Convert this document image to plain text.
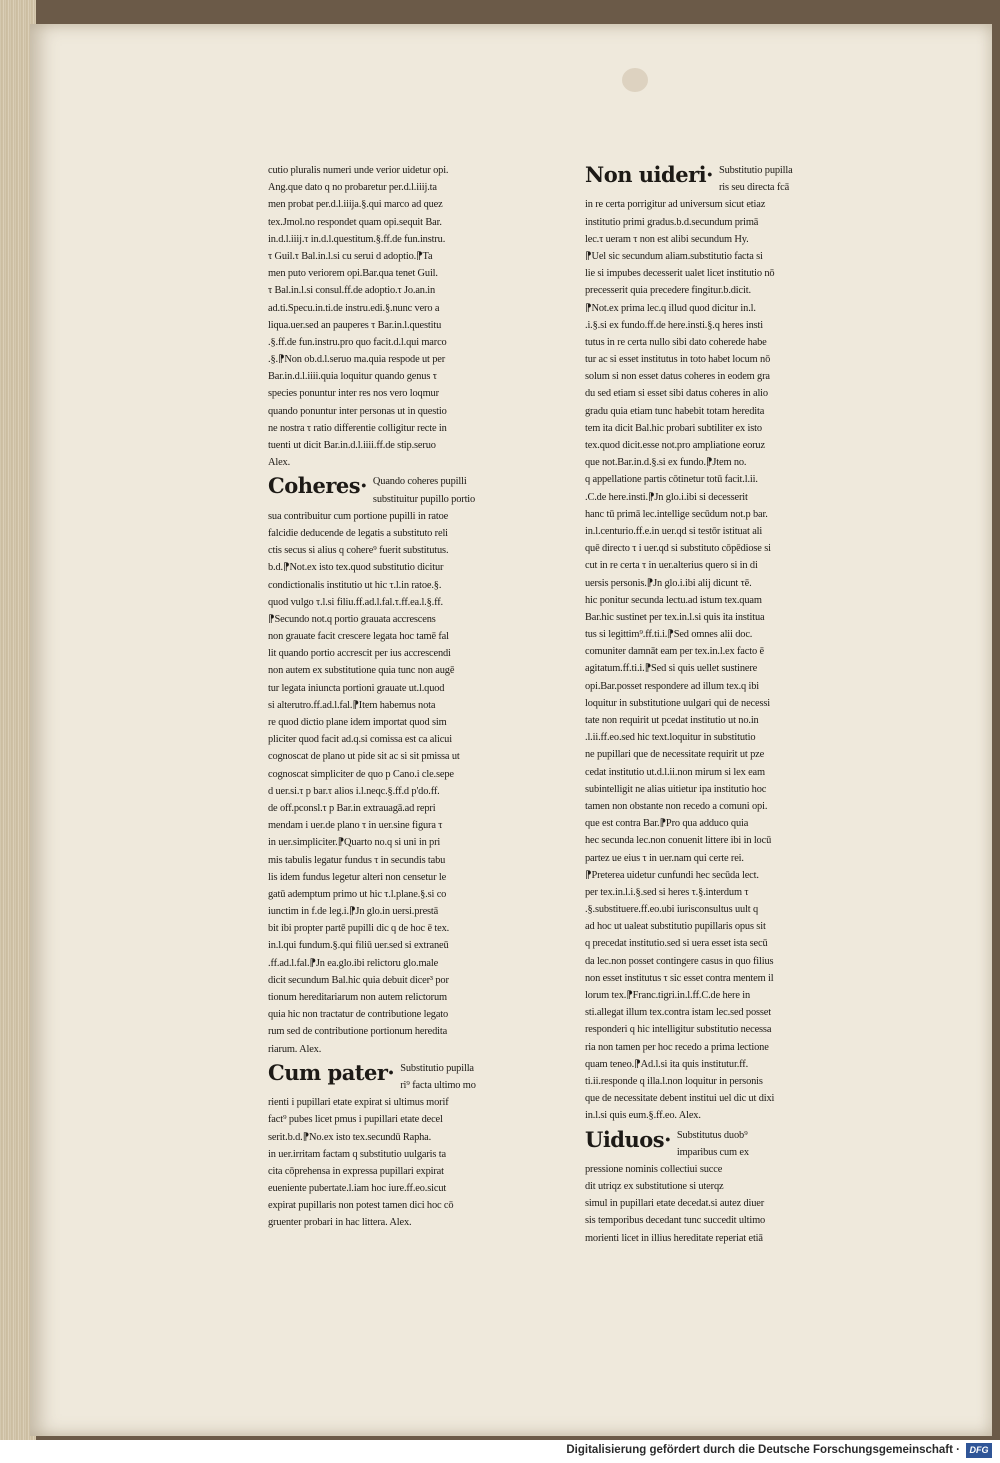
cutio pluralis numeri unde verior uidetur opi.
Ang.que dato q no probaretur per.d.l.iiij.ta
men probat per.d.l.iiija.§.qui marco ad quez
tex.Jmol.no respondet quam opi.sequit Bar.
in.d.l.iiij.τ in.d.l.questitum.§.ff.de fun.instru.
τ Guil.τ Bal.in.l.si cu serui d adoptio.⁋Ta
men puto veriorem opi.Bar.qua tenet Guil.
τ Bal.in.l.si consul.ff.de adoptio.τ Jo.an.in
ad.ti.Specu.in.ti.de instru.edi.§.nunc vero a
liqua.uer.sed an pauperes τ Bar.in.l.questitu
.§.ff.de fun.instru.pro quo facit.d.l.qui marco
.§.⁋Non ob.d.l.seruo ma.quia respode ut per
Bar.in.d.l.iiii.quia loquitur quando genus τ
species ponuntur inter res nos vero loqmur
quando ponuntur inter personas ut in questio
ne nostra τ ratio differentie colligitur recte in
tuenti ut dicit Bar.in.d.l.iiii.ff.de stip.seruo
Alex.
Coheres· Quando coheres pupilli
substituitur pupillo portio
sua contribuitur cum portione pupilli in ratoe
falcidie deducende de legatis a substituto reli
ctis secus si alius q cohere⁹ fuerit substitutus.
b.d.⁋Not.ex isto tex.quod substitutio dicitur
condictionalis institutio ut hic τ.l.in ratoe.§.
quod vulgo τ.l.si filiu.ff.ad.l.fal.τ.ff.ea.l.§.ff.
⁋Secundo not.q portio grauata accrescens
non grauate facit crescere legata hoc tamē fal
lit quando portio accrescit per ius accrescendi
non autem ex substitutione quia tunc non augē
tur legata iniuncta portioni grauate ut.l.quod
si alterutro.ff.ad.l.fal.⁋Item habemus nota
re quod dictio plane idem importat quod sim
pliciter quod facit ad.q.si comissa est ca alicui
cognoscat de plano ut pide sit ac si sit pmissa ut
cognoscat simpliciter de quo p Cano.i cle.sepe
d uer.si.τ p bar.τ alios i.l.neqc.§.ff.d p'do.ff.
de off.pconsl.τ p Bar.in extrauagā.ad repri
mendam i uer.de plano τ in uer.sine figura τ
in uer.simpliciter.⁋Quarto no.q si uni in pri
mis tabulis legatur fundus τ in secundis tabu
lis idem fundus legetur alteri non censetur le
gatū ademptum primo ut hic τ.l.plane.§.si co
iunctim in f.de leg.i.⁋Jn glo.in uersi.prestā
bit ibi propter partē pupilli dic q de hoc ē tex.
in.l.qui fundum.§.qui filiū uer.sed si extraneū
.ff.ad.l.fal.⁋Jn ea.glo.ibi relictoru glo.male
dicit secundum Bal.hic quia debuit dicer³ por
tionum hereditariarum non autem relictorum
quia hic non tractatur de contributione legato
rum sed de contributione portionum heredita
riarum. Alex.
Cum pater· Substitutio pupilla
ri⁹ facta ultimo mo
rienti i pupillari etate expirat si ultimus morif
fact⁹ pubes licet pmus i pupillari etate decel
serit.b.d.⁋No.ex isto tex.secundū Rapha.
in uer.irritam factam q substitutio uulgaris ta
cita cōprehensa in expressa pupillari expirat
eueniente pubertate.l.iam hoc iure.ff.eo.sicut
expirat pupillaris non potest tamen dici hoc cō
gruenter probari in hac littera. Alex.
Non uideri· Substitutio pupilla
ris seu directa fcā
in re certa porrigitur ad universum sicut etiaz
institutio primi gradus.b.d.secundum primā
lec.τ ueram τ non est alibi secundum Hy.
⁋Uel sic secundum aliam.substitutio facta si
lie si impubes decesserit ualet licet institutio nō
precesserit quia precedere fingitur.b.dicit.
⁋Not.ex prima lec.q illud quod dicitur in.l.
.i.§.si ex fundo.ff.de here.insti.§.q heres insti
tutus in re certa nullo sibi dato coherede habe
tur ac si esset institutus in toto habet locum nō
solum si non esset datus coheres in eodem gra
du sed etiam si esset sibi datus coheres in alio
gradu quia etiam tunc habebit totam heredita
tem ita dicit Bal.hic probari subtiliter ex isto
tex.quod dicit.esse not.pro ampliatione eoruz
que not.Bar.in.d.§.si ex fundo.⁋Jtem no.
q appellatione partis cōtinetur totū facit.l.ii.
.C.de here.insti.⁋Jn glo.i.ibi si decesserit
hanc tū primā lec.intellige secūdum not.p bar.
in.l.centurio.ff.e.in uer.qd si testōr istituat ali
quē directo τ i uer.qd si substituto cōpēdiose si
cut in re certa τ in uer.alterius quero si in di
uersis personis.⁋Jn glo.i.ibi alij dicunt τē.
hic ponitur secunda lectu.ad istum tex.quam
Bar.hic sustinet per tex.in.l.si quis ita institua
tus si legittim⁹.ff.ti.i.⁋Sed omnes alii doc.
comuniter damnāt eam per tex.in.l.ex facto ē
agitatum.ff.ti.i.⁋Sed si quis uellet sustinere
opi.Bar.posset respondere ad illum tex.q ibi
loquitur in substitutione uulgari qui de necessi
tate non requirit ut pcedat institutio ut no.in
.l.ii.ff.eo.sed hic text.loquitur in substitutio
ne pupillari que de necessitate requirit ut pze
cedat institutio ut.d.l.ii.non mirum si lex eam
subintelligit ne alias uitietur ipa institutio hoc
tamen non obstante non recedo a comuni opi.
que est contra Bar.⁋Pro qua adduco quia
hec secunda lec.non conuenit littere ibi in locū
partez ue eius τ in uer.nam qui certe rei.
⁋Preterea uidetur cunfundi hec secūda lect.
per tex.in.l.i.§.sed si heres τ.§.interdum τ
.§.substituere.ff.eo.ubi iurisconsultus uult q
ad hoc ut ualeat substitutio pupillaris opus sit
q precedat institutio.sed si uera esset ista secū
da lec.non posset contingere casus in quo filius
non esset institutus τ sic esset contra mentem il
lorum tex.⁋Franc.tigri.in.l.ff.C.de here in
sti.allegat illum tex.contra istam lec.sed posset
responderi q hic intelligitur substitutio necessa
ria non tamen per hoc recedo a prima lectione
quam teneo.⁋Ad.l.si ita quis institutur.ff.
ti.ii.responde q illa.l.non loquitur in personis
que de necessitate debent institui uel dic ut dixi
in.l.si quis eum.§.ff.eo. Alex.
Uiduos· Substitutus duob⁹
imparibus cum ex
pressione nominis collectiui succe
dit utriqz ex substitutione si uterqz
simul in pupillari etate decedat.si autez diuer
sis temporibus decedant tunc succedit ultimo
morienti licet in illius hereditate reperiat etiā
Digitalisierung gefördert durch die Deutsche Forschungsgemeinschaft ·	DFG
